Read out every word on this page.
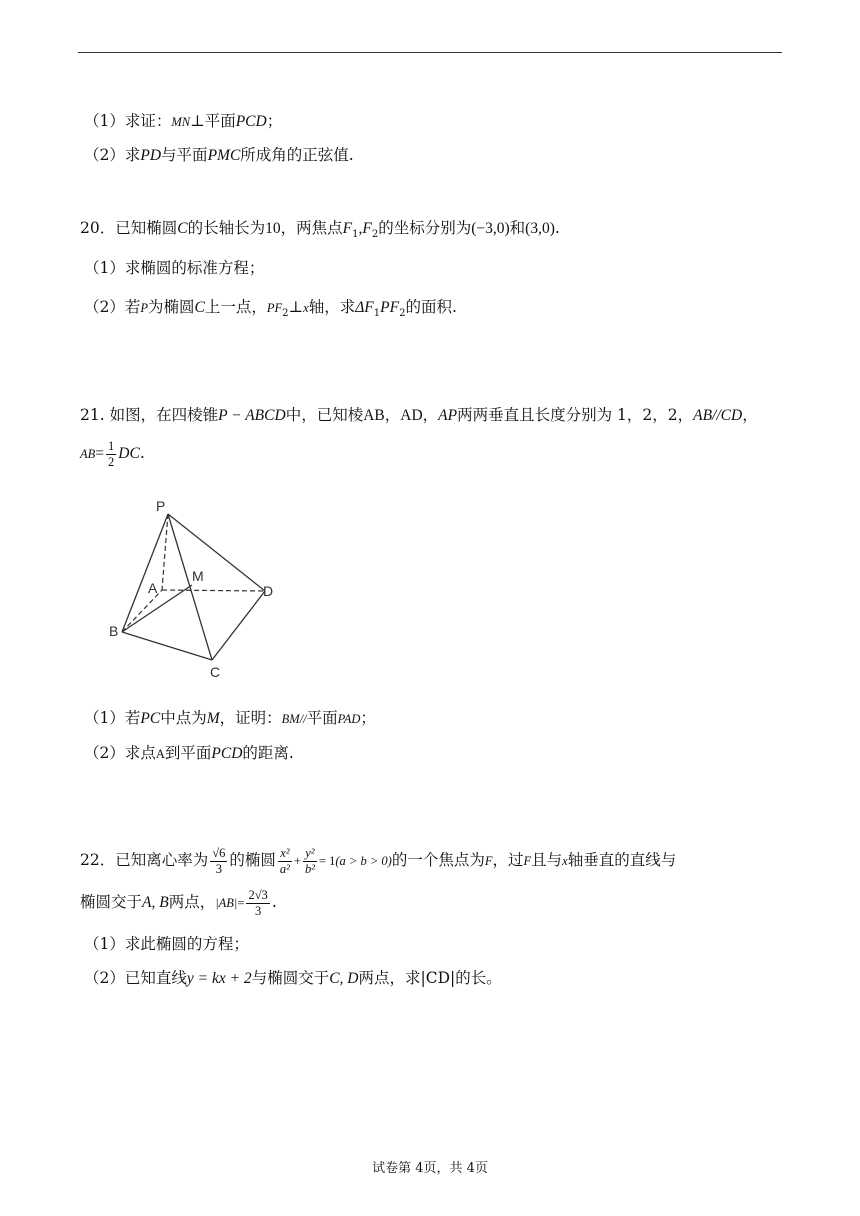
（1）求证：MN⊥平面PCD；
（2）求PD与平面PMC所成角的正弦值.
20．已知椭圆C的长轴长为10，两焦点$F_1,F_2$的坐标分别为(−3,0)和(3,0).
（1）求椭圆的标准方程；
（2）若P为椭圆C上一点，$PF_2\perp x$轴，求$\Delta F_1PF_2$的面积.
21. 如图，在四棱锥P − ABCD中，已知棱AB，AD，AP两两垂直且长度分别为 1，2，2，AB//CD，
$AB= \frac{1}{2}$ DC.
P
A
M
D
B
C
（1）若PC中点为M，证明：BM//平面PAD；
（2）求点A到平面PCD的距离.
22．已知离心率为 $\frac{√6}{3}$ 的椭圆 $\frac{\text{x²}}{\text{a²}} + \frac{\text{y²}}{\text{b²}} = 1(a > b > 0)$的一个焦点为F，过F且与x轴垂直的直线与
椭圆交于A, B两点，$|AB|= \frac{2√3}{3}$ .
（1）求此椭圆的方程；
（2）已知直线y = kx + 2与椭圆交于C, D两点，求|CD|的长。
试卷第 4页，共 4页
